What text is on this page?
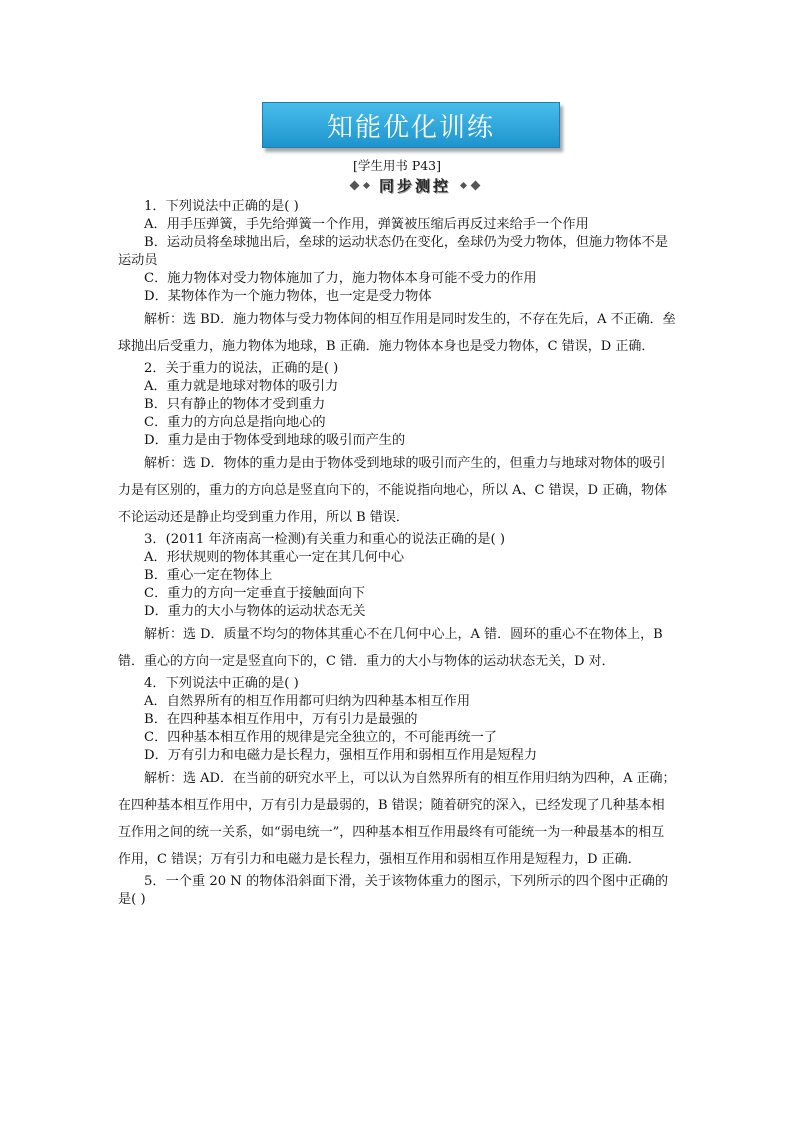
知能优化训练
[学生用书 P43]
同步测控

1．下列说法中正确的是( )

A．用手压弹簧，手先给弹簧一个作用，弹簧被压缩后再反过来给手一个作用

B．运动员将垒球抛出后，垒球的运动状态仍在变化，垒球仍为受力物体，但施力物体不是运动员

C．施力物体对受力物体施加了力，施力物体本身可能不受力的作用

D．某物体作为一个施力物体，也一定是受力物体

解析：选 BD．施力物体与受力物体间的相互作用是同时发生的，不存在先后，A 不正确．垒球抛出后受重力，施力物体为地球，B 正确．施力物体本身也是受力物体，C 错误，D 正确．

2．关于重力的说法，正确的是( )

A．重力就是地球对物体的吸引力

B．只有静止的物体才受到重力

C．重力的方向总是指向地心的

D．重力是由于物体受到地球的吸引而产生的

解析：选 D．物体的重力是由于物体受到地球的吸引而产生的，但重力与地球对物体的吸引力是有区别的，重力的方向总是竖直向下的，不能说指向地心，所以 A、C 错误，D 正确，物体不论运动还是静止均受到重力作用，所以 B 错误．

3．(2011 年济南高一检测)有关重力和重心的说法正确的是( )

A．形状规则的物体其重心一定在其几何中心

B．重心一定在物体上

C．重力的方向一定垂直于接触面向下

D．重力的大小与物体的运动状态无关

解析：选 D．质量不均匀的物体其重心不在几何中心上，A 错．圆环的重心不在物体上，B 错．重心的方向一定是竖直向下的，C 错．重力的大小与物体的运动状态无关，D 对．

4．下列说法中正确的是( )

A．自然界所有的相互作用都可归纳为四种基本相互作用

B．在四种基本相互作用中，万有引力是最强的

C．四种基本相互作用的规律是完全独立的，不可能再统一了

D．万有引力和电磁力是长程力，强相互作用和弱相互作用是短程力

解析：选 AD．在当前的研究水平上，可以认为自然界所有的相互作用归纳为四种，A 正确；在四种基本相互作用中，万有引力是最弱的，B 错误；随着研究的深入，已经发现了几种基本相互作用之间的统一关系，如“弱电统一”，四种基本相互作用最终有可能统一为一种最基本的相互作用，C 错误；万有引力和电磁力是长程力，强相互作用和弱相互作用是短程力，D 正确．

5．一个重 20 N 的物体沿斜面下滑，关于该物体重力的图示，下列所示的四个图中正确的是( )
